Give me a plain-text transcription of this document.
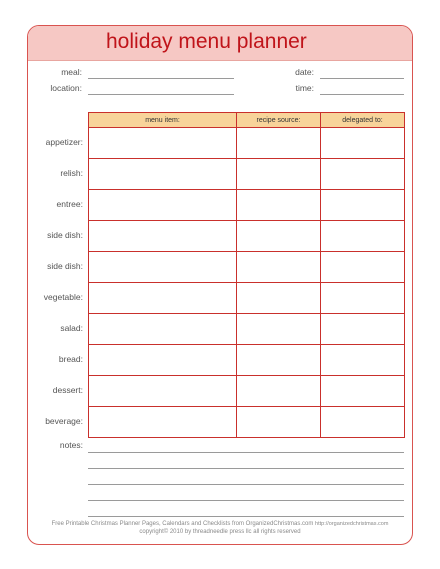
holiday menu planner
meal:
location:
date:
time:
menu item:	recipe source:	delegated to:

appetizer:
relish:
entree:
side dish:
side dish:
vegetable:
salad:
bread:
dessert:
beverage:
notes:
Free Printable Christmas Planner Pages, Calendars and Checklists from OrganizedChristmas.com http://organizedchristmas.com
copyright© 2010 by threadneedle press llc all rights reserved
